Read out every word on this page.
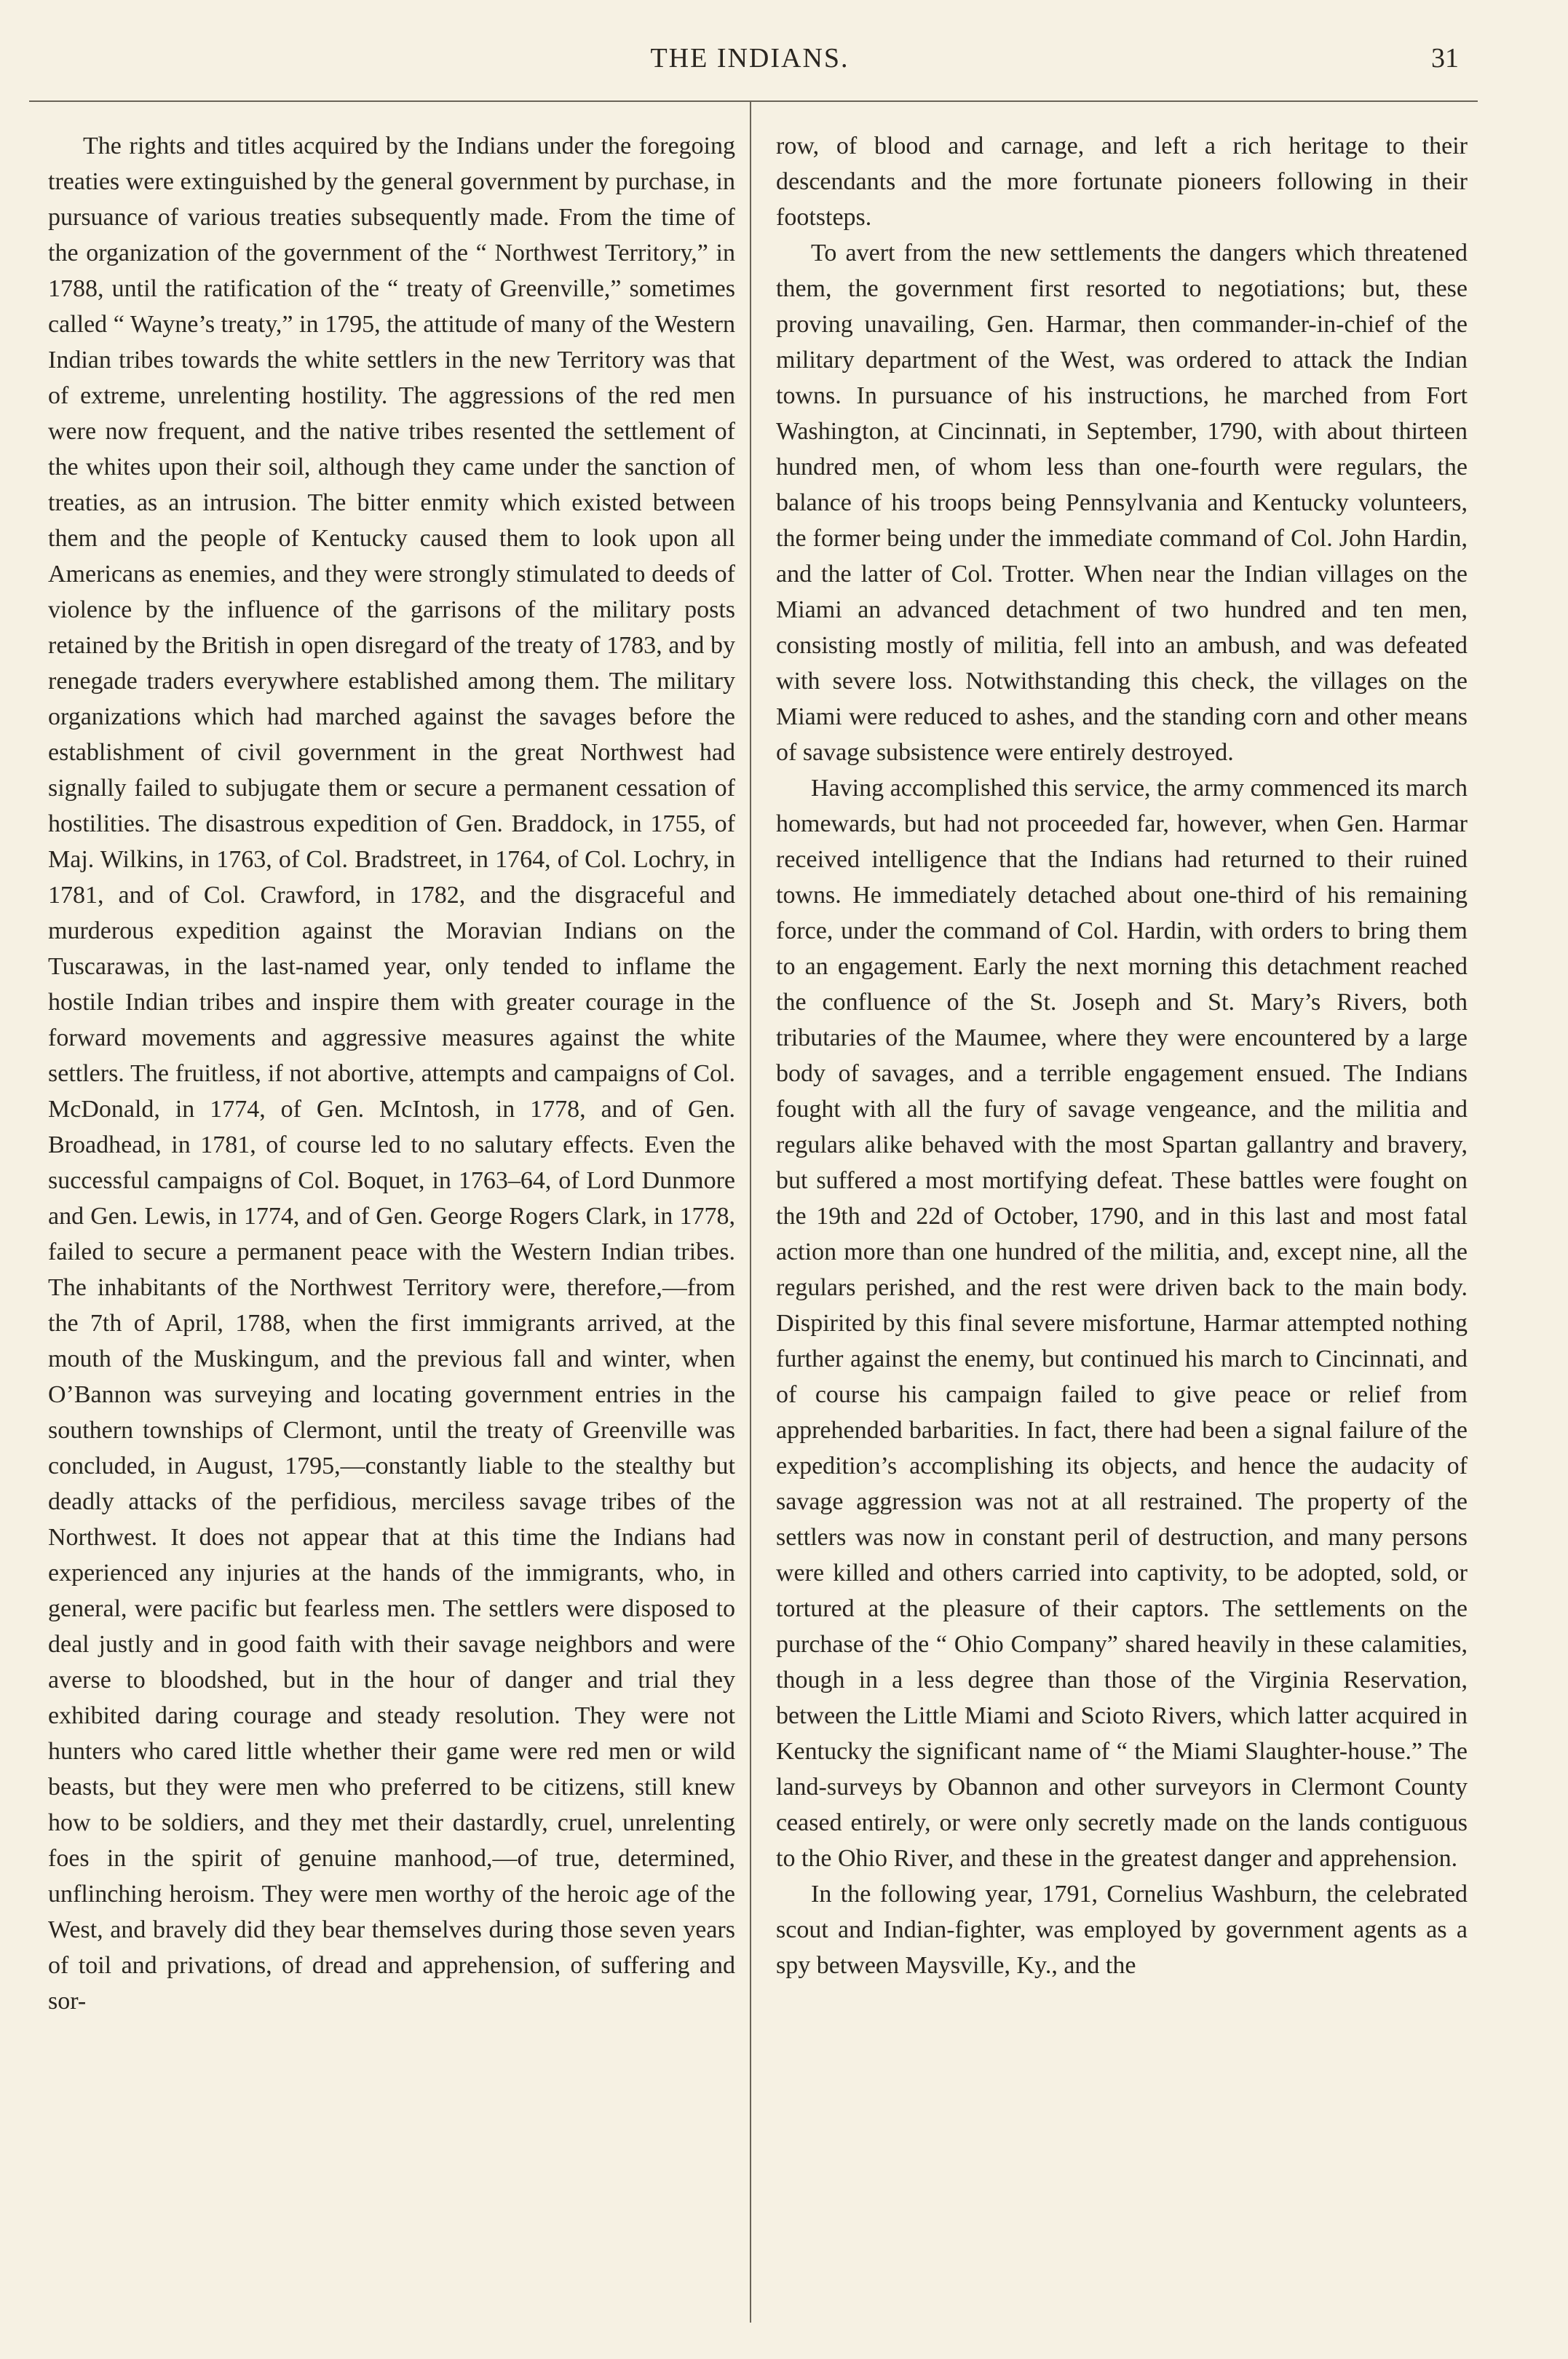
THE INDIANS.	31

The rights and titles acquired by the Indians under the foregoing treaties were extinguished by the general government by purchase, in pursuance of various treaties subsequently made. From the time of the organization of the government of the “ Northwest Territory,” in 1788, until the ratification of the “ treaty of Greenville,” sometimes called “ Wayne’s treaty,” in 1795, the attitude of many of the Western Indian tribes towards the white settlers in the new Territory was that of extreme, unrelenting hostility. The aggressions of the red men were now frequent, and the native tribes resented the settlement of the whites upon their soil, although they came under the sanction of treaties, as an intrusion. The bitter enmity which existed between them and the people of Kentucky caused them to look upon all Americans as enemies, and they were strongly stimulated to deeds of violence by the influence of the garrisons of the military posts retained by the British in open disregard of the treaty of 1783, and by renegade traders everywhere established among them. The military organizations which had marched against the savages before the establishment of civil government in the great Northwest had signally failed to subjugate them or secure a permanent cessation of hostilities. The disastrous expedition of Gen. Braddock, in 1755, of Maj. Wilkins, in 1763, of Col. Bradstreet, in 1764, of Col. Lochry, in 1781, and of Col. Crawford, in 1782, and the disgraceful and murderous expedition against the Moravian Indians on the Tuscarawas, in the last-named year, only tended to inflame the hostile Indian tribes and inspire them with greater courage in the forward movements and aggressive measures against the white settlers. The fruitless, if not abortive, attempts and campaigns of Col. McDonald, in 1774, of Gen. McIntosh, in 1778, and of Gen. Broadhead, in 1781, of course led to no salutary effects. Even the successful campaigns of Col. Boquet, in 1763–64, of Lord Dunmore and Gen. Lewis, in 1774, and of Gen. George Rogers Clark, in 1778, failed to secure a permanent peace with the Western Indian tribes. The inhabitants of the Northwest Territory were, therefore,—from the 7th of April, 1788, when the first immigrants arrived, at the mouth of the Muskingum, and the previous fall and winter, when O’Bannon was surveying and locating government entries in the southern townships of Clermont, until the treaty of Greenville was concluded, in August, 1795,—constantly liable to the stealthy but deadly attacks of the perfidious, merciless savage tribes of the Northwest. It does not appear that at this time the Indians had experienced any injuries at the hands of the immigrants, who, in general, were pacific but fearless men. The settlers were disposed to deal justly and in good faith with their savage neighbors and were averse to bloodshed, but in the hour of danger and trial they exhibited daring courage and steady resolution. They were not hunters who cared little whether their game were red men or wild beasts, but they were men who preferred to be citizens, still knew how to be soldiers, and they met their dastardly, cruel, unrelenting foes in the spirit of genuine manhood,—of true, determined, unflinching heroism. They were men worthy of the heroic age of the West, and bravely did they bear themselves during those seven years of toil and privations, of dread and apprehension, of suffering and sor-

row, of blood and carnage, and left a rich heritage to their descendants and the more fortunate pioneers following in their footsteps.

To avert from the new settlements the dangers which threatened them, the government first resorted to negotiations; but, these proving unavailing, Gen. Harmar, then commander-in-chief of the military department of the West, was ordered to attack the Indian towns. In pursuance of his instructions, he marched from Fort Washington, at Cincinnati, in September, 1790, with about thirteen hundred men, of whom less than one-fourth were regulars, the balance of his troops being Pennsylvania and Kentucky volunteers, the former being under the immediate command of Col. John Hardin, and the latter of Col. Trotter. When near the Indian villages on the Miami an advanced detachment of two hundred and ten men, consisting mostly of militia, fell into an ambush, and was defeated with severe loss. Notwithstanding this check, the villages on the Miami were reduced to ashes, and the standing corn and other means of savage subsistence were entirely destroyed.

Having accomplished this service, the army commenced its march homewards, but had not proceeded far, however, when Gen. Harmar received intelligence that the Indians had returned to their ruined towns. He immediately detached about one-third of his remaining force, under the command of Col. Hardin, with orders to bring them to an engagement. Early the next morning this detachment reached the confluence of the St. Joseph and St. Mary’s Rivers, both tributaries of the Maumee, where they were encountered by a large body of savages, and a terrible engagement ensued. The Indians fought with all the fury of savage vengeance, and the militia and regulars alike behaved with the most Spartan gallantry and bravery, but suffered a most mortifying defeat. These battles were fought on the 19th and 22d of October, 1790, and in this last and most fatal action more than one hundred of the militia, and, except nine, all the regulars perished, and the rest were driven back to the main body. Dispirited by this final severe misfortune, Harmar attempted nothing further against the enemy, but continued his march to Cincinnati, and of course his campaign failed to give peace or relief from apprehended barbarities. In fact, there had been a signal failure of the expedition’s accomplishing its objects, and hence the audacity of savage aggression was not at all restrained. The property of the settlers was now in constant peril of destruction, and many persons were killed and others carried into captivity, to be adopted, sold, or tortured at the pleasure of their captors. The settlements on the purchase of the “ Ohio Company” shared heavily in these calamities, though in a less degree than those of the Virginia Reservation, between the Little Miami and Scioto Rivers, which latter acquired in Kentucky the significant name of “ the Miami Slaughter-house.” The land-surveys by Obannon and other surveyors in Clermont County ceased entirely, or were only secretly made on the lands contiguous to the Ohio River, and these in the greatest danger and apprehension.

In the following year, 1791, Cornelius Washburn, the celebrated scout and Indian-fighter, was employed by government agents as a spy between Maysville, Ky., and the
